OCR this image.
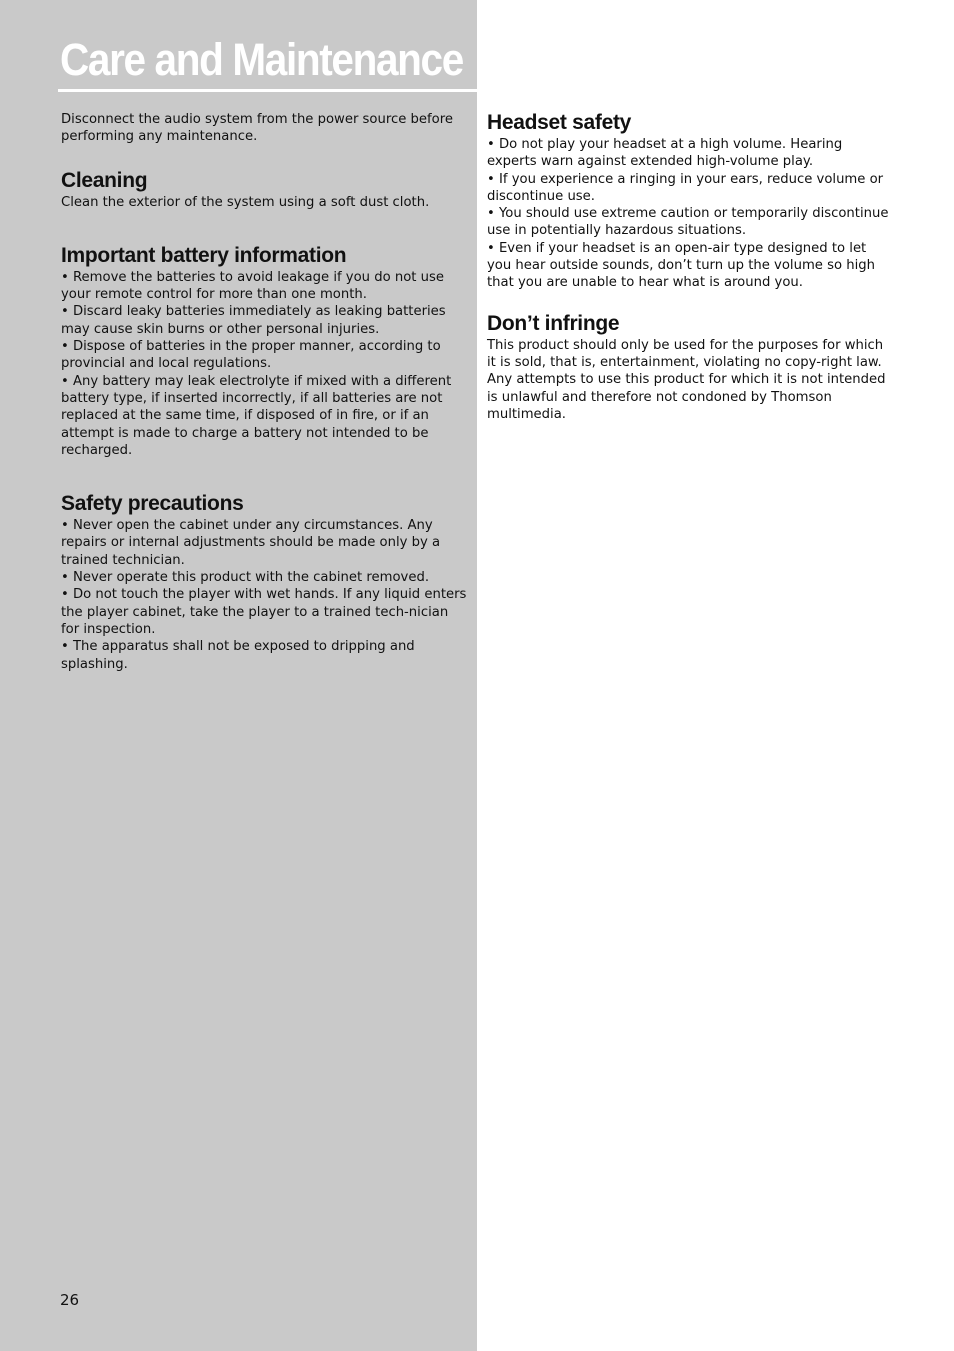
Care and Maintenance

Disconnect the audio system from the power source before performing any maintenance.

Cleaning

Clean the exterior of the system using a soft dust cloth.

Important battery information

• Remove the batteries to avoid leakage if you do not use your remote control for more than one month.

• Discard leaky batteries immediately as leaking batteries may cause skin burns or other personal injuries.

• Dispose of batteries in the proper manner, according to provincial and local regulations.

• Any battery may leak electrolyte if mixed with a different battery type, if inserted incorrectly, if all batteries are not replaced at the same time, if disposed of in fire, or if an attempt is made to charge a battery not intended to be recharged.

Safety precautions

• Never open the cabinet under any circumstances. Any repairs or internal adjustments should be made only by a trained technician.

• Never operate this product with the cabinet removed.

• Do not touch the player with wet hands. If any liquid enters the player cabinet, take the player to a trained tech-nician for inspection.

• The apparatus shall not be exposed to dripping and splashing.

Headset safety

• Do not play your headset at a high volume. Hearing experts warn against extended high-volume play.

• If you experience a ringing in your ears, reduce volume or discontinue use.

• You should use extreme caution or temporarily discontinue use in potentially hazardous situations.

• Even if your headset is an open-air type designed to let you hear outside sounds, don’t turn up the volume so high that you are unable to hear what is around you.

Don’t infringe

This product should only be used for the purposes for which it is sold, that is, entertainment, violating no copy-right law. Any attempts to use this product for which it is not intended is unlawful and therefore not condoned by Thomson multimedia.

26
